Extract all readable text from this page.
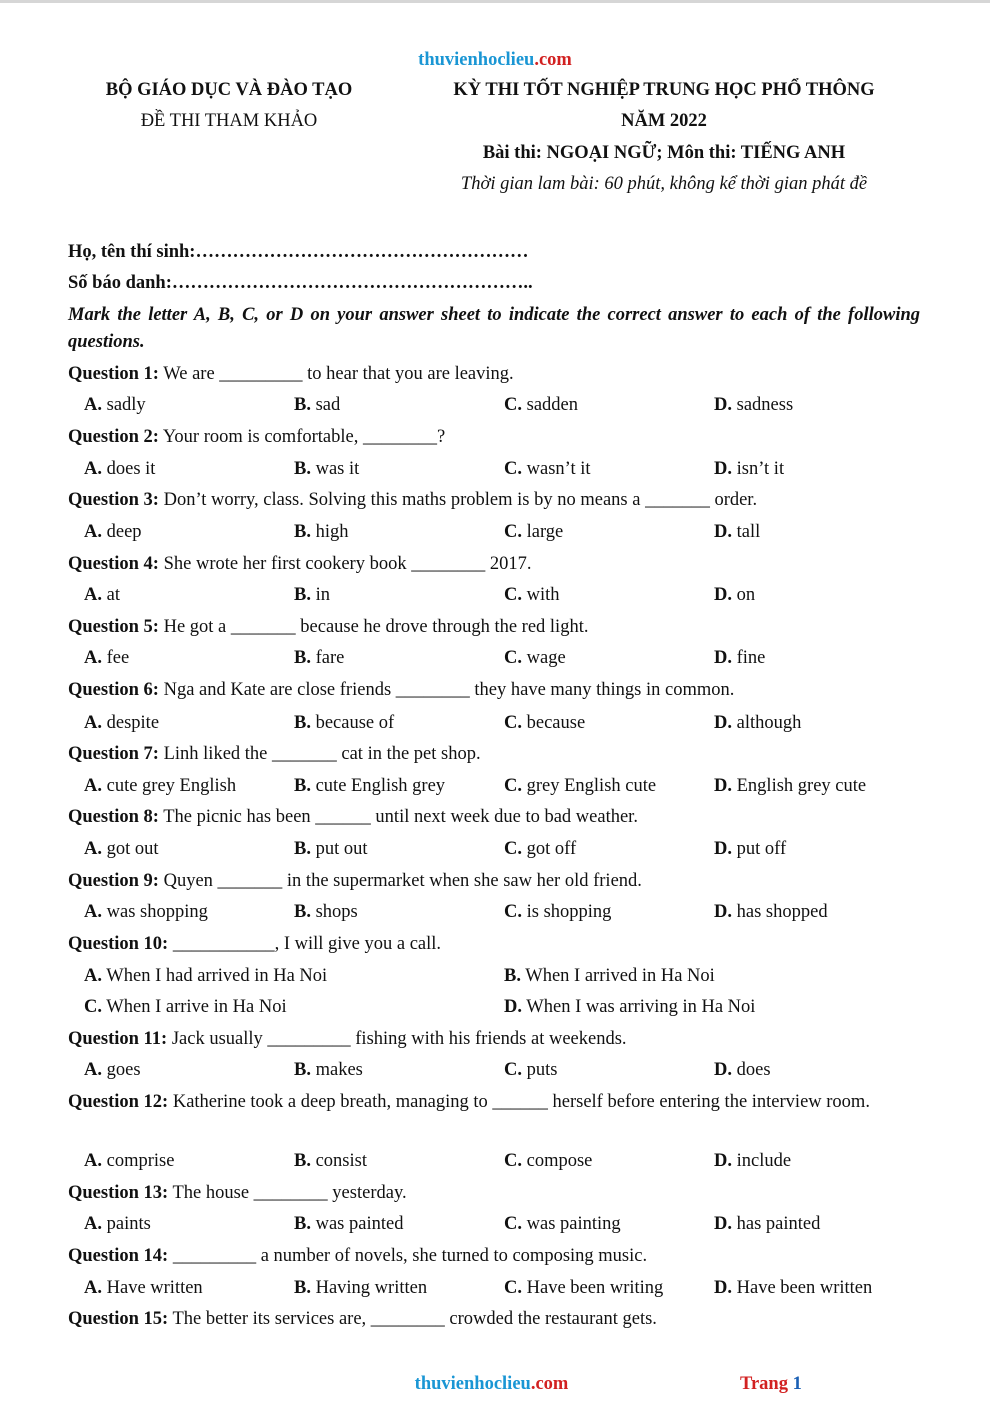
thuvienhoclieu.com
BỘ GIÁO DỤC VÀ ĐÀO TẠO
ĐỀ THI THAM KHẢO
KỲ THI TỐT NGHIỆP TRUNG HỌC PHỔ THÔNG
NĂM 2022
Bài thi: NGOẠI NGỮ; Môn thi: TIẾNG ANH
Thời gian lam bài: 60 phút, không kể thời gian phát đề
Họ, tên thí sinh:………………………………………………
Số báo danh:…………………………………………………..
Mark the letter A, B, C, or D on your answer sheet to indicate the correct answer to each of the following questions.
Question 1: We are _________ to hear that you are leaving.
A. sadly	B. sad	C. sadden	D. sadness
Question 2: Your room is comfortable, ________?
A. does it	B. was it	C. wasn’t it	D. isn’t it
Question 3: Don’t worry, class. Solving this maths problem is by no means a _______ order.
A. deep	B. high	C. large	D. tall
Question 4: She wrote her first cookery book ________ 2017.
A. at	B. in	C. with	D. on
Question 5: He got a _______ because he drove through the red light.
A. fee	B. fare	C. wage	D. fine
Question 6: Nga and Kate are close friends ________ they have many things in common.
A. despite	B. because of	C. because	D. although
Question 7: Linh liked the _______ cat in the pet shop.
A. cute grey English	B. cute English grey	C. grey English cute	D. English grey cute
Question 8: The picnic has been ______ until next week due to bad weather.
A. got out	B. put out	C. got off	D. put off
Question 9: Quyen _______ in the supermarket when she saw her old friend.
A. was shopping	B. shops	C. is shopping	D. has shopped
Question 10: ___________, I will give you a call.
A. When I had arrived in Ha Noi	B. When I arrived in Ha Noi
C. When I arrive in Ha Noi	D. When I was arriving in Ha Noi
Question 11: Jack usually _________ fishing with his friends at weekends.
A. goes	B. makes	C. puts	D. does
Question 12: Katherine took a deep breath, managing to ______ herself before entering the interview room.
A. comprise	B. consist	C. compose	D. include
Question 13: The house ________ yesterday.
A. paints	B. was painted	C. was painting	D. has painted
Question 14: _________ a number of novels, she turned to composing music.
A. Have written	B. Having written	C. Have been writing	D. Have been written
Question 15: The better its services are, ________ crowded the restaurant gets.
thuvienhoclieu.com	Trang 1
